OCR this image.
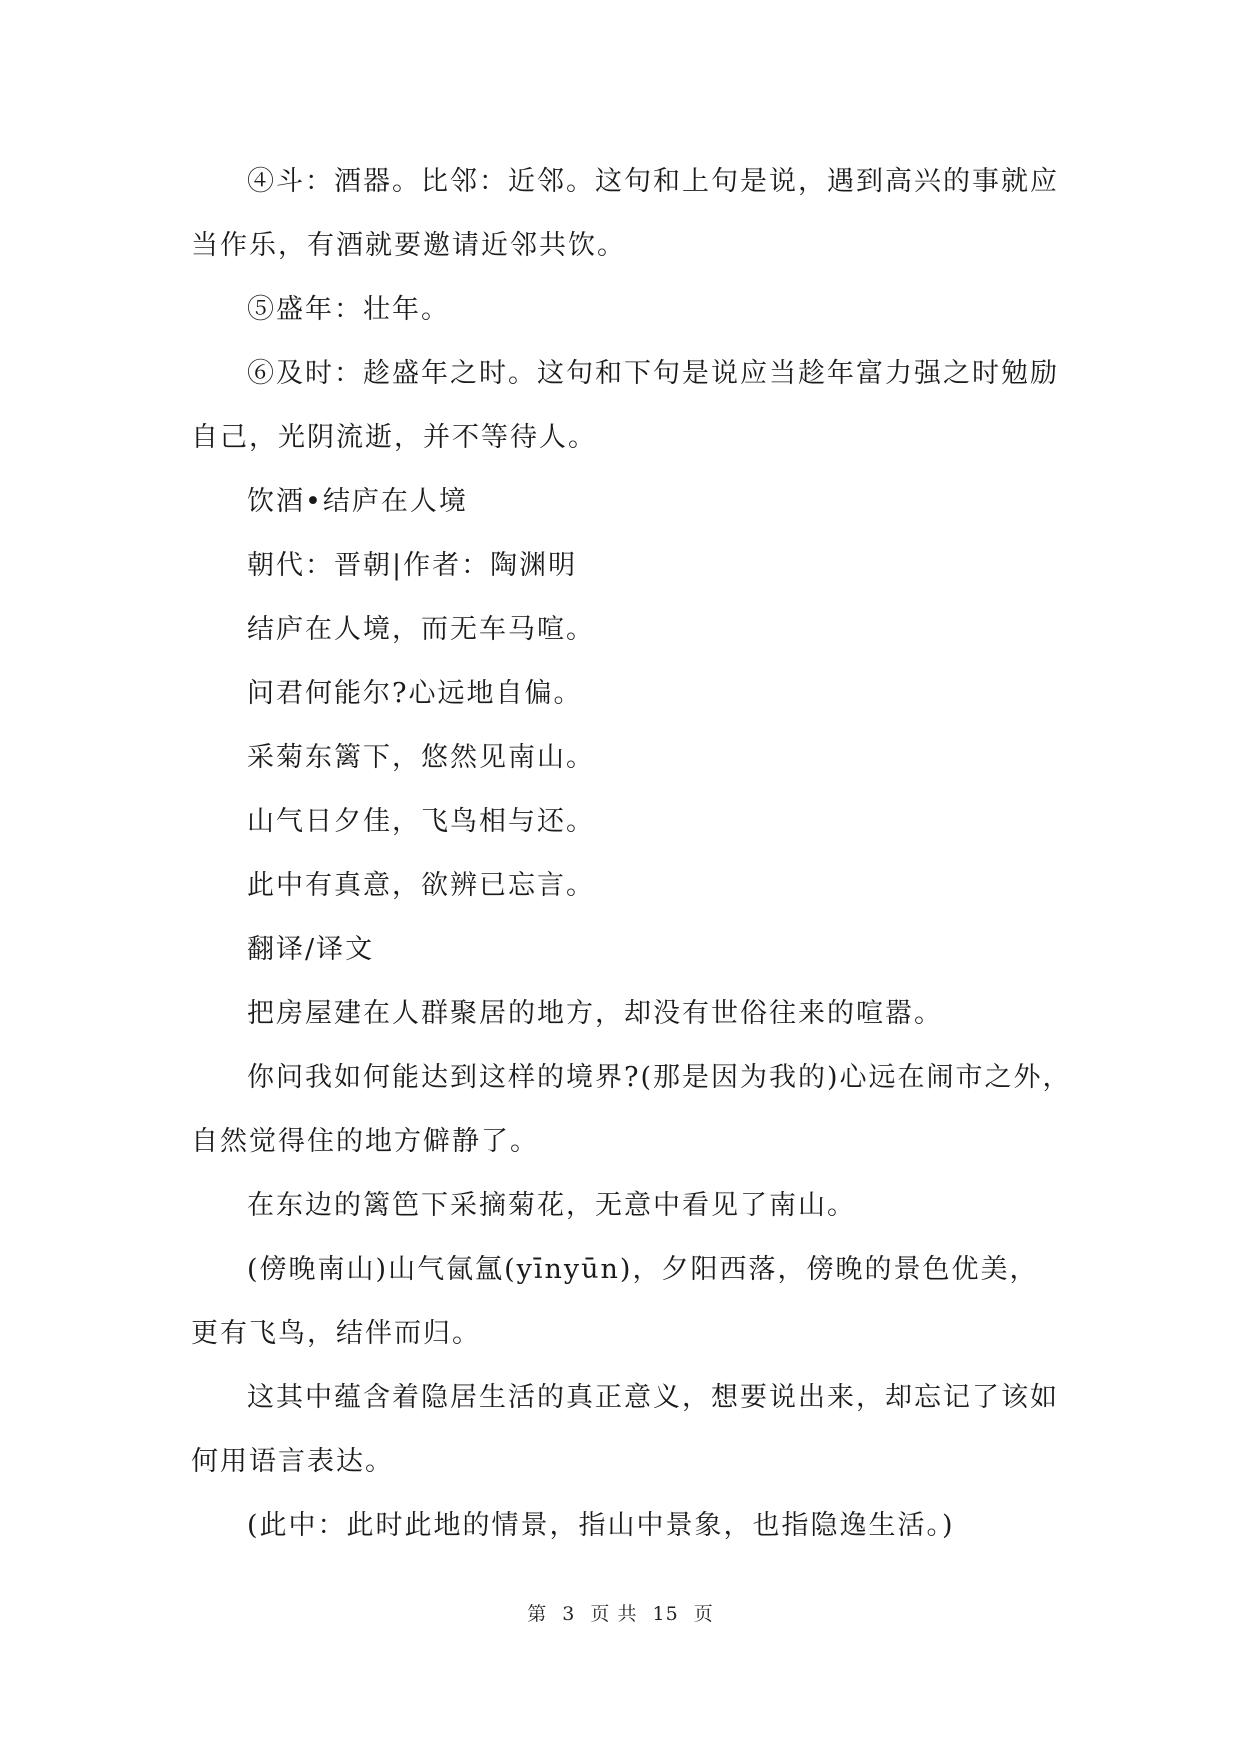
④斗：酒器。比邻：近邻。这句和上句是说，遇到高兴的事就应
当作乐，有酒就要邀请近邻共饮。
⑤盛年：壮年。
⑥及时：趁盛年之时。这句和下句是说应当趁年富力强之时勉励
自己，光阴流逝，并不等待人。
饮酒•结庐在人境
朝代：晋朝|作者：陶渊明
结庐在人境，而无车马喧。
问君何能尔?心远地自偏。
采菊东篱下，悠然见南山。
山气日夕佳，飞鸟相与还。
此中有真意，欲辨已忘言。
翻译/译文
把房屋建在人群聚居的地方，却没有世俗往来的喧嚣。
你问我如何能达到这样的境界?(那是因为我的)心远在闹市之外，
自然觉得住的地方僻静了。
在东边的篱笆下采摘菊花，无意中看见了南山。
(傍晚南山)山气氤氲(yīnyūn)，夕阳西落，傍晚的景色优美，
更有飞鸟，结伴而归。
这其中蕴含着隐居生活的真正意义，想要说出来，却忘记了该如
何用语言表达。
(此中：此时此地的情景，指山中景象，也指隐逸生活。)
第 3 页 共 15 页
